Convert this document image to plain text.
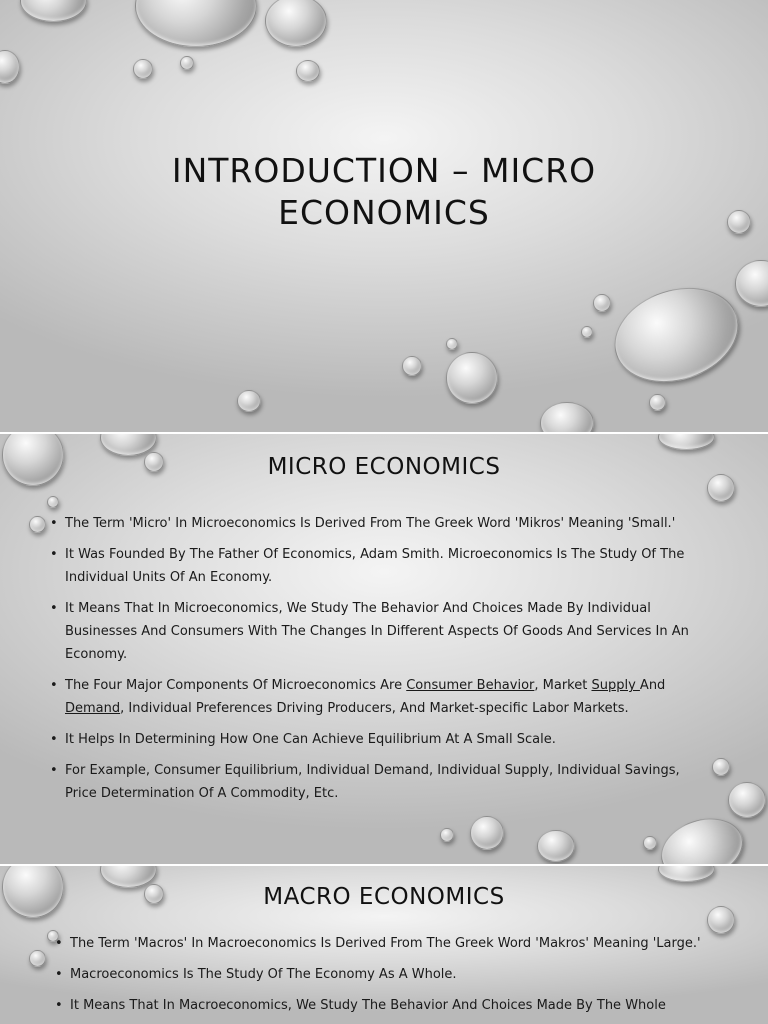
INTRODUCTION – MICRO
ECONOMICS
MICRO ECONOMICS
• The Term 'Micro' In Microeconomics Is Derived From The Greek Word 'Mikros' Meaning 'Small.'
• It Was Founded By The Father Of Economics, Adam Smith. Microeconomics Is The Study Of The Individual Units Of An Economy.
• It Means That In Microeconomics, We Study The Behavior And Choices Made By Individual Businesses And Consumers With The Changes In Different Aspects Of Goods And Services In An Economy.
• The Four Major Components Of Microeconomics Are Consumer Behavior, Market Supply And Demand, Individual Preferences Driving Producers, And Market-specific Labor Markets.
• It Helps In Determining How One Can Achieve Equilibrium At A Small Scale.
• For Example, Consumer Equilibrium, Individual Demand, Individual Supply, Individual Savings, Price Determination Of A Commodity, Etc.
MACRO ECONOMICS
• The Term 'Macros' In Macroeconomics Is Derived From The Greek Word 'Makros' Meaning 'Large.'
• Macroeconomics Is The Study Of The Economy As A Whole.
• It Means That In Macroeconomics, We Study The Behavior And Choices Made By The Whole
